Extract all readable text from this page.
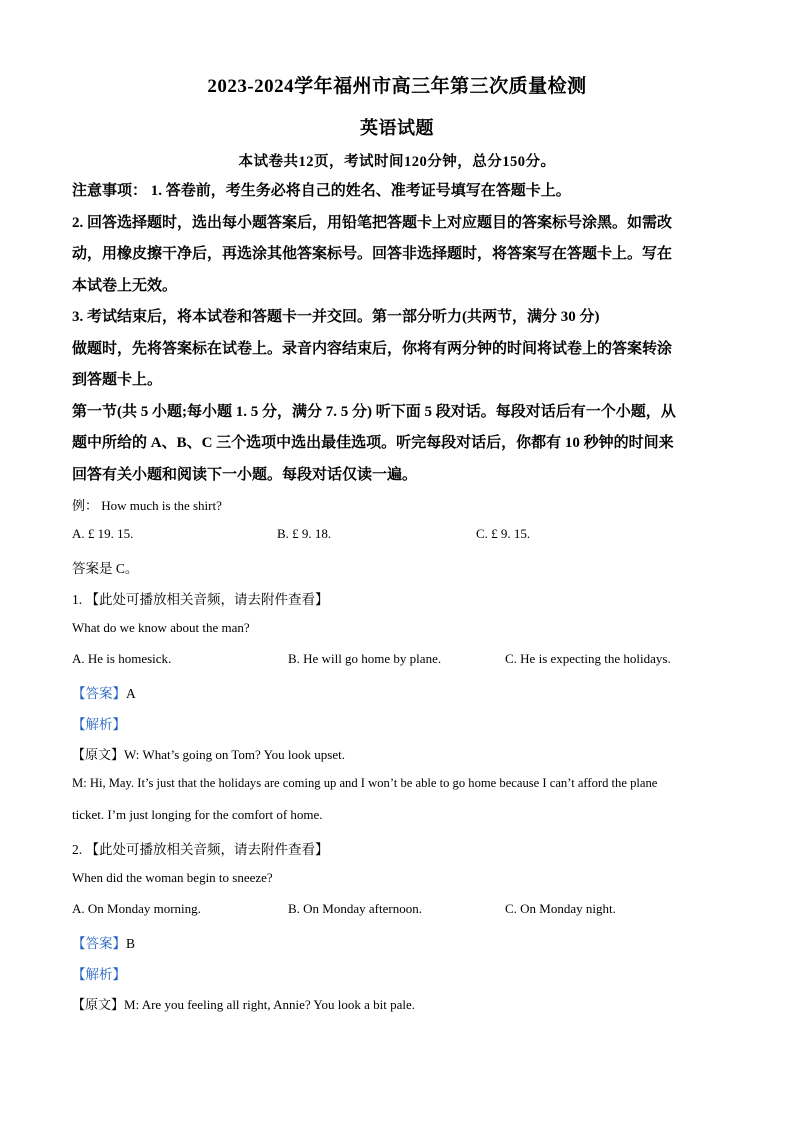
2023-2024学年福州市高三年第三次质量检测
英语试题
本试卷共12页，考试时间120分钟，总分150分。
注意事项： 1. 答卷前，考生务必将自己的姓名、准考证号填写在答题卡上。
2. 回答选择题时，选出每小题答案后，用铅笔把答题卡上对应题目的答案标号涂黑。如需改
动，用橡皮擦干净后，再选涂其他答案标号。回答非选择题时，将答案写在答题卡上。写在
本试卷上无效。
3. 考试结束后，将本试卷和答题卡一并交回。第一部分听力(共两节，满分 30 分)
做题时，先将答案标在试卷上。录音内容结束后，你将有两分钟的时间将试卷上的答案转涂
到答题卡上。
第一节(共 5 小题;每小题 1. 5 分，满分 7. 5 分) 听下面 5 段对话。每段对话后有一个小题，从
题中所给的 A、B、C 三个选项中选出最佳选项。听完每段对话后，你都有 10 秒钟的时间来
回答有关小题和阅读下一小题。每段对话仅读一遍。
例： How much is the shirt?
A. £ 19. 15.	B. £ 9. 18.	C. £ 9. 15.
答案是 C。
1. 【此处可播放相关音频，请去附件查看】
What do we know about the man?
A. He is homesick.	B. He will go home by plane.	C. He is expecting the holidays.
【答案】A
【解析】
【原文】W: What’s going on Tom? You look upset.
M: Hi, May. It’s just that the holidays are coming up and I won’t be able to go home because I can’t afford the plane
ticket. I’m just longing for the comfort of home.
2. 【此处可播放相关音频，请去附件查看】
When did the woman begin to sneeze?
A. On Monday morning.	B. On Monday afternoon.	C. On Monday night.
【答案】B
【解析】
【原文】M: Are you feeling all right, Annie? You look a bit pale.
